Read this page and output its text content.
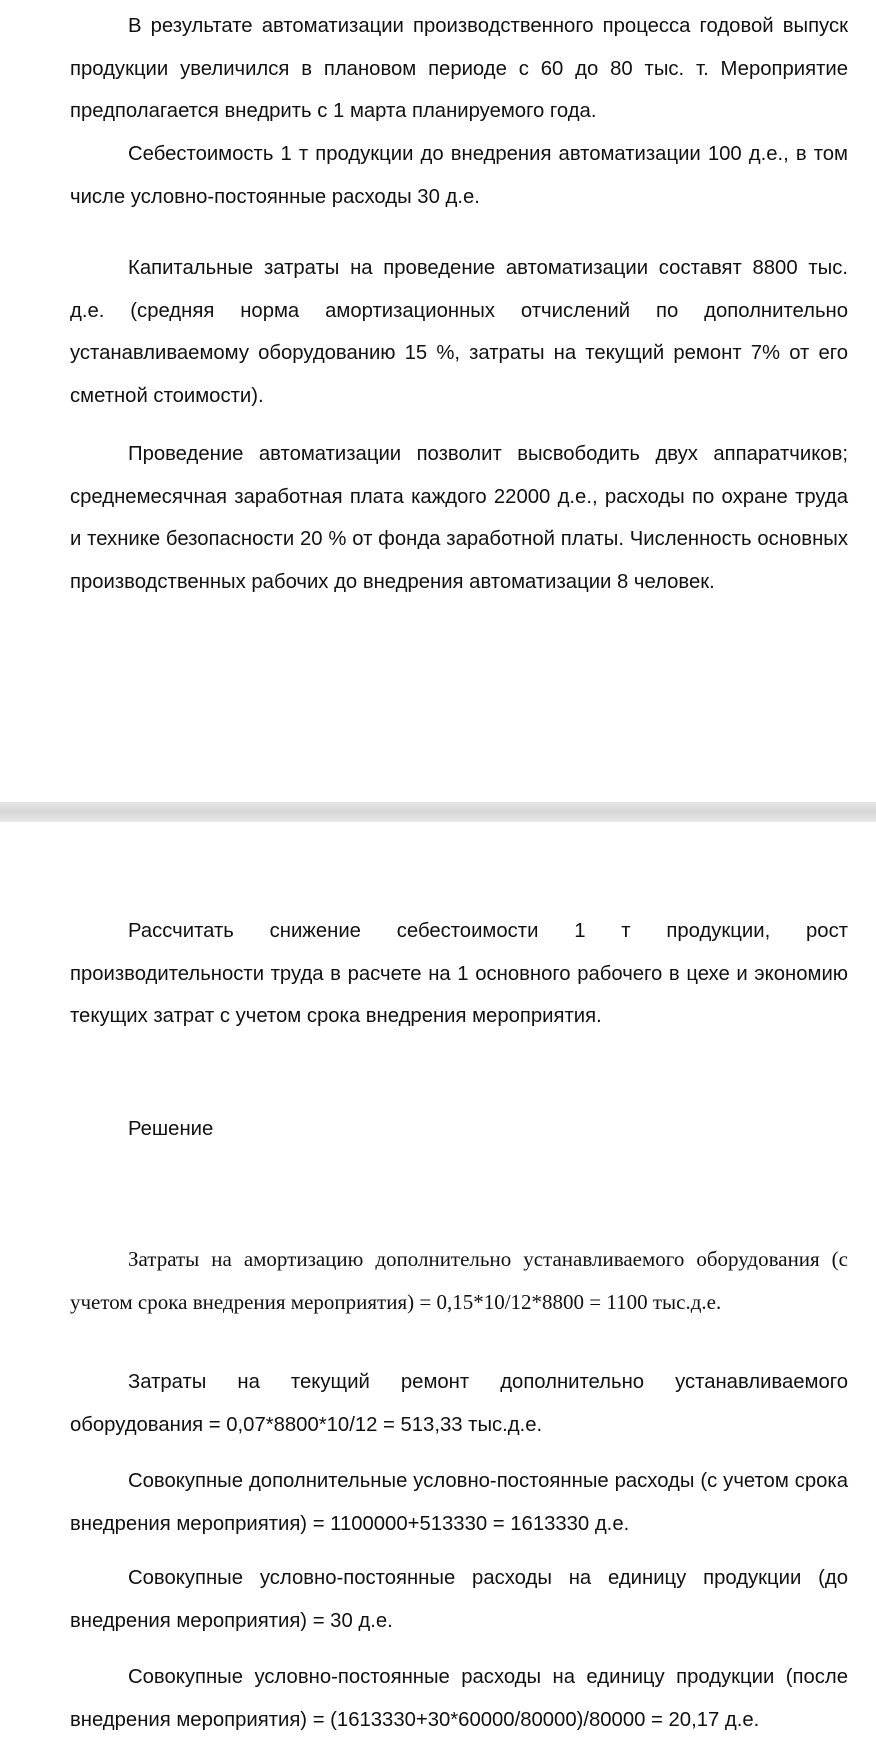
В результате автоматизации производственного процесса годовой выпуск продукции увеличился в плановом периоде с 60 до 80 тыс. т. Мероприятие предполагается внедрить с 1 марта планируемого года.

Себестоимость 1 т продукции до внедрения автоматизации 100 д.е., в том числе условно-постоянные расходы 30 д.е.

Капитальные затраты на проведение автоматизации составят 8800 тыс. д.е. (средняя норма амортизационных отчислений по дополнительно устанавливаемому оборудованию 15 %, затраты на текущий ремонт 7% от его сметной стоимости).

Проведение автоматизации позволит высвободить двух аппаратчиков; среднемесячная заработная плата каждого 22000 д.е., расходы по охране труда и технике безопасности 20 % от фонда заработной платы. Численность основных производственных рабочих до внедрения автоматизации 8 человек.

Рассчитать снижение себестоимости 1 т продукции, рост производительности труда в расчете на 1 основного рабочего в цехе и экономию текущих затрат с учетом срока внедрения мероприятия.

Решение

Затраты на амортизацию дополнительно устанавливаемого оборудования (с учетом срока внедрения мероприятия) = 0,15*10/12*8800 = 1100 тыс.д.е.

Затраты на текущий ремонт дополнительно устанавливаемого оборудования = 0,07*8800*10/12 = 513,33 тыс.д.е.

Совокупные дополнительные условно-постоянные расходы (с учетом срока внедрения мероприятия) = 1100000+513330 = 1613330 д.е.

Совокупные условно-постоянные расходы на единицу продукции (до внедрения мероприятия) = 30 д.е.

Совокупные условно-постоянные расходы на единицу продукции (после внедрения мероприятия) = (1613330+30*60000/80000)/80000 = 20,17 д.е.
